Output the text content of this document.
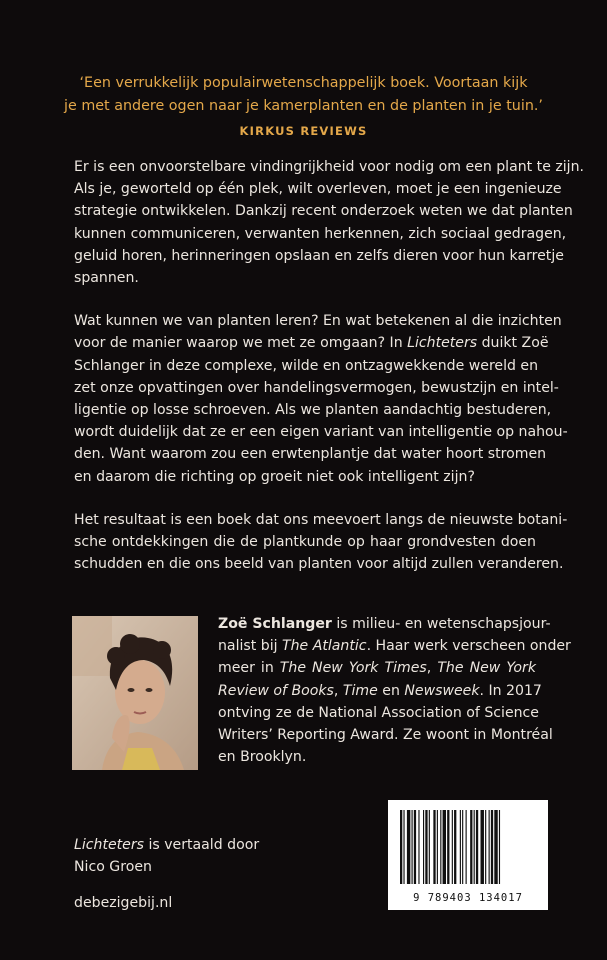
‘Een verrukkelijk populairwetenschappelijk boek. Voortaan kijk
je met andere ogen naar je kamerplanten en de planten in je tuin.’
KIRKUS REVIEWS
Er is een onvoorstelbare vindingrijkheid voor nodig om een plant te zijn.
Als je, geworteld op één plek, wilt overleven, moet je een ingenieuze
strategie ontwikkelen. Dankzij recent onderzoek weten we dat planten
kunnen communiceren, verwanten herkennen, zich sociaal gedragen,
geluid horen, herinneringen opslaan en zelfs dieren voor hun karretje
spannen.
Wat kunnen we van planten leren? En wat betekenen al die inzichten
voor de manier waarop we met ze omgaan? In Lichteters duikt Zoë
Schlanger in deze complexe, wilde en ontzagwekkende wereld en
zet onze opvattingen over handelingsvermogen, bewustzijn en intel-
ligentie op losse schroeven. Als we planten aandachtig bestuderen,
wordt duidelijk dat ze er een eigen variant van intelligentie op nahou-
den. Want waarom zou een erwtenplantje dat water hoort stromen
en daarom die richting op groeit niet ook intelligent zijn?
Het resultaat is een boek dat ons meevoert langs de nieuwste botani-
sche ontdekkingen die de plantkunde op haar grondvesten doen
schudden en die ons beeld van planten voor altijd zullen veranderen.
Zoë Schlanger is milieu- en wetenschapsjour-
nalist bij The Atlantic. Haar werk verscheen onder
meer in The New York Times, The New York
Review of Books, Time en Newsweek. In 2017
ontving ze de National Association of Science
Writers’ Reporting Award. Ze woont in Montréal
en Brooklyn.
Lichteters is vertaald door
Nico Groen
debezigebij.nl	9 789403 134017
